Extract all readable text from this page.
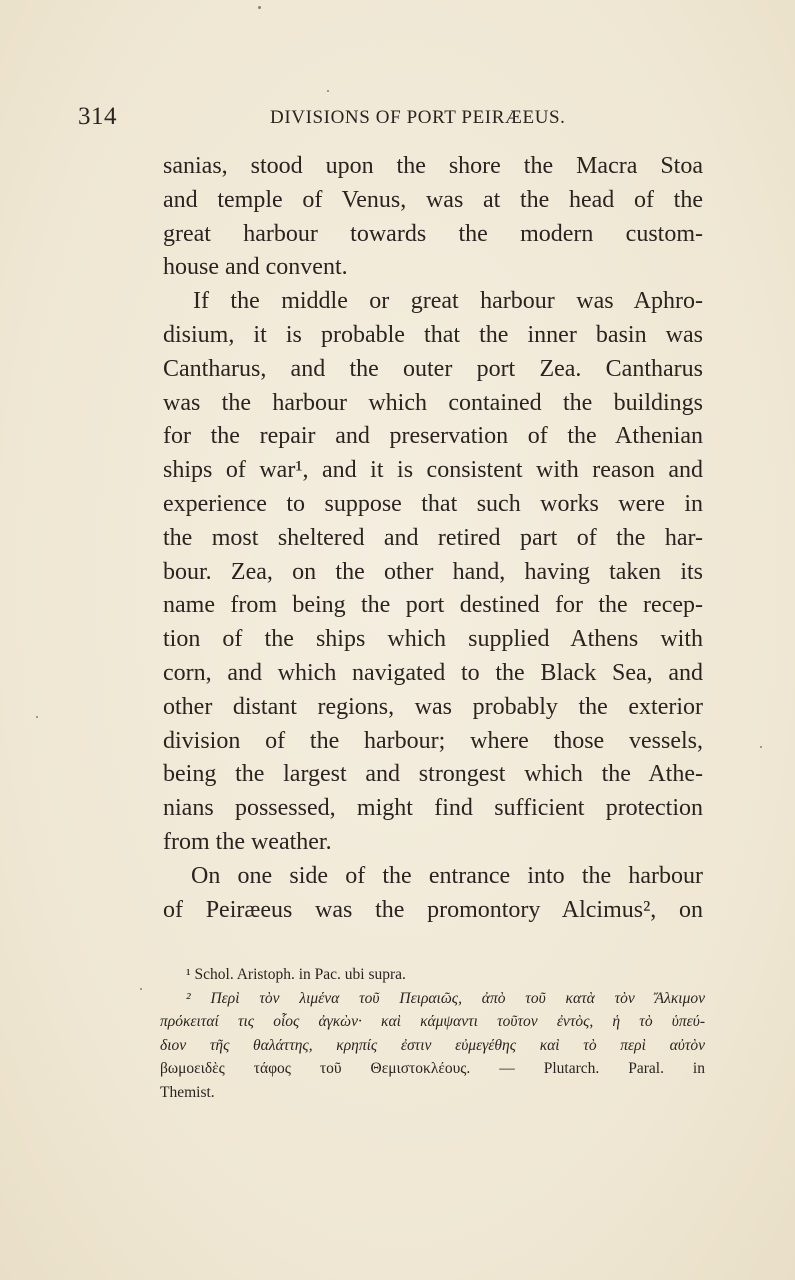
314	DIVISIONS OF PORT PEIRÆEUS.
sanias, stood upon the shore the Macra Stoa
and temple of Venus, was at the head of the
great harbour towards the modern custom-
house and convent.
If the middle or great harbour was Aphro-
disium, it is probable that the inner basin was
Cantharus, and the outer port Zea. Cantharus
was the harbour which contained the buildings
for the repair and preservation of the Athenian
ships of war¹, and it is consistent with reason and
experience to suppose that such works were in
the most sheltered and retired part of the har-
bour. Zea, on the other hand, having taken its
name from being the port destined for the recep-
tion of the ships which supplied Athens with
corn, and which navigated to the Black Sea, and
other distant regions, was probably the exterior
division of the harbour; where those vessels,
being the largest and strongest which the Athe-
nians possessed, might find sufficient protection
from the weather.
On one side of the entrance into the harbour
of Peiræeus was the promontory Alcimus², on
¹ Schol. Aristoph. in Pac. ubi supra.
² Περὶ τὸν λιμένα τοῦ Πειραιῶς, ἀπὸ τοῦ κατὰ τὸν Ἄλκιμον
πρόκειταί τις οἷος ἀγκὼν· καὶ κάμψαντι τοῦτον ἐντὸς, ἡ τὸ ὑπεύ-
διον τῆς θαλάττης, κρηπίς ἐστιν εὐμεγέθης καὶ τὸ περὶ αὐτὸν
βωμοειδὲς τάφος τοῦ Θεμιστοκλέους. — Plutarch. Paral. in
Themist.
